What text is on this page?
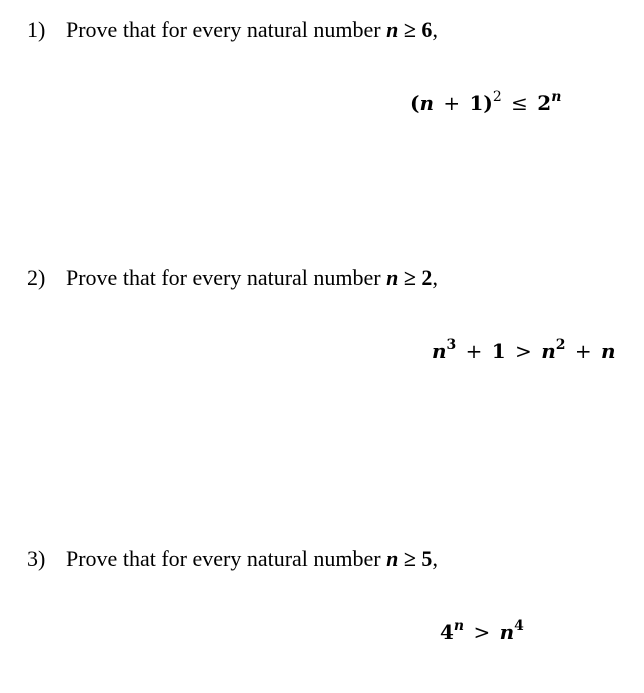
1) Prove that for every natural number n ≥ 6,
$(n + 1)^2 \le 2^n$
2) Prove that for every natural number n ≥ 2,
$n^3 + 1 > n^2 + n$
3) Prove that for every natural number n ≥ 5,
$4^n > n^4$
